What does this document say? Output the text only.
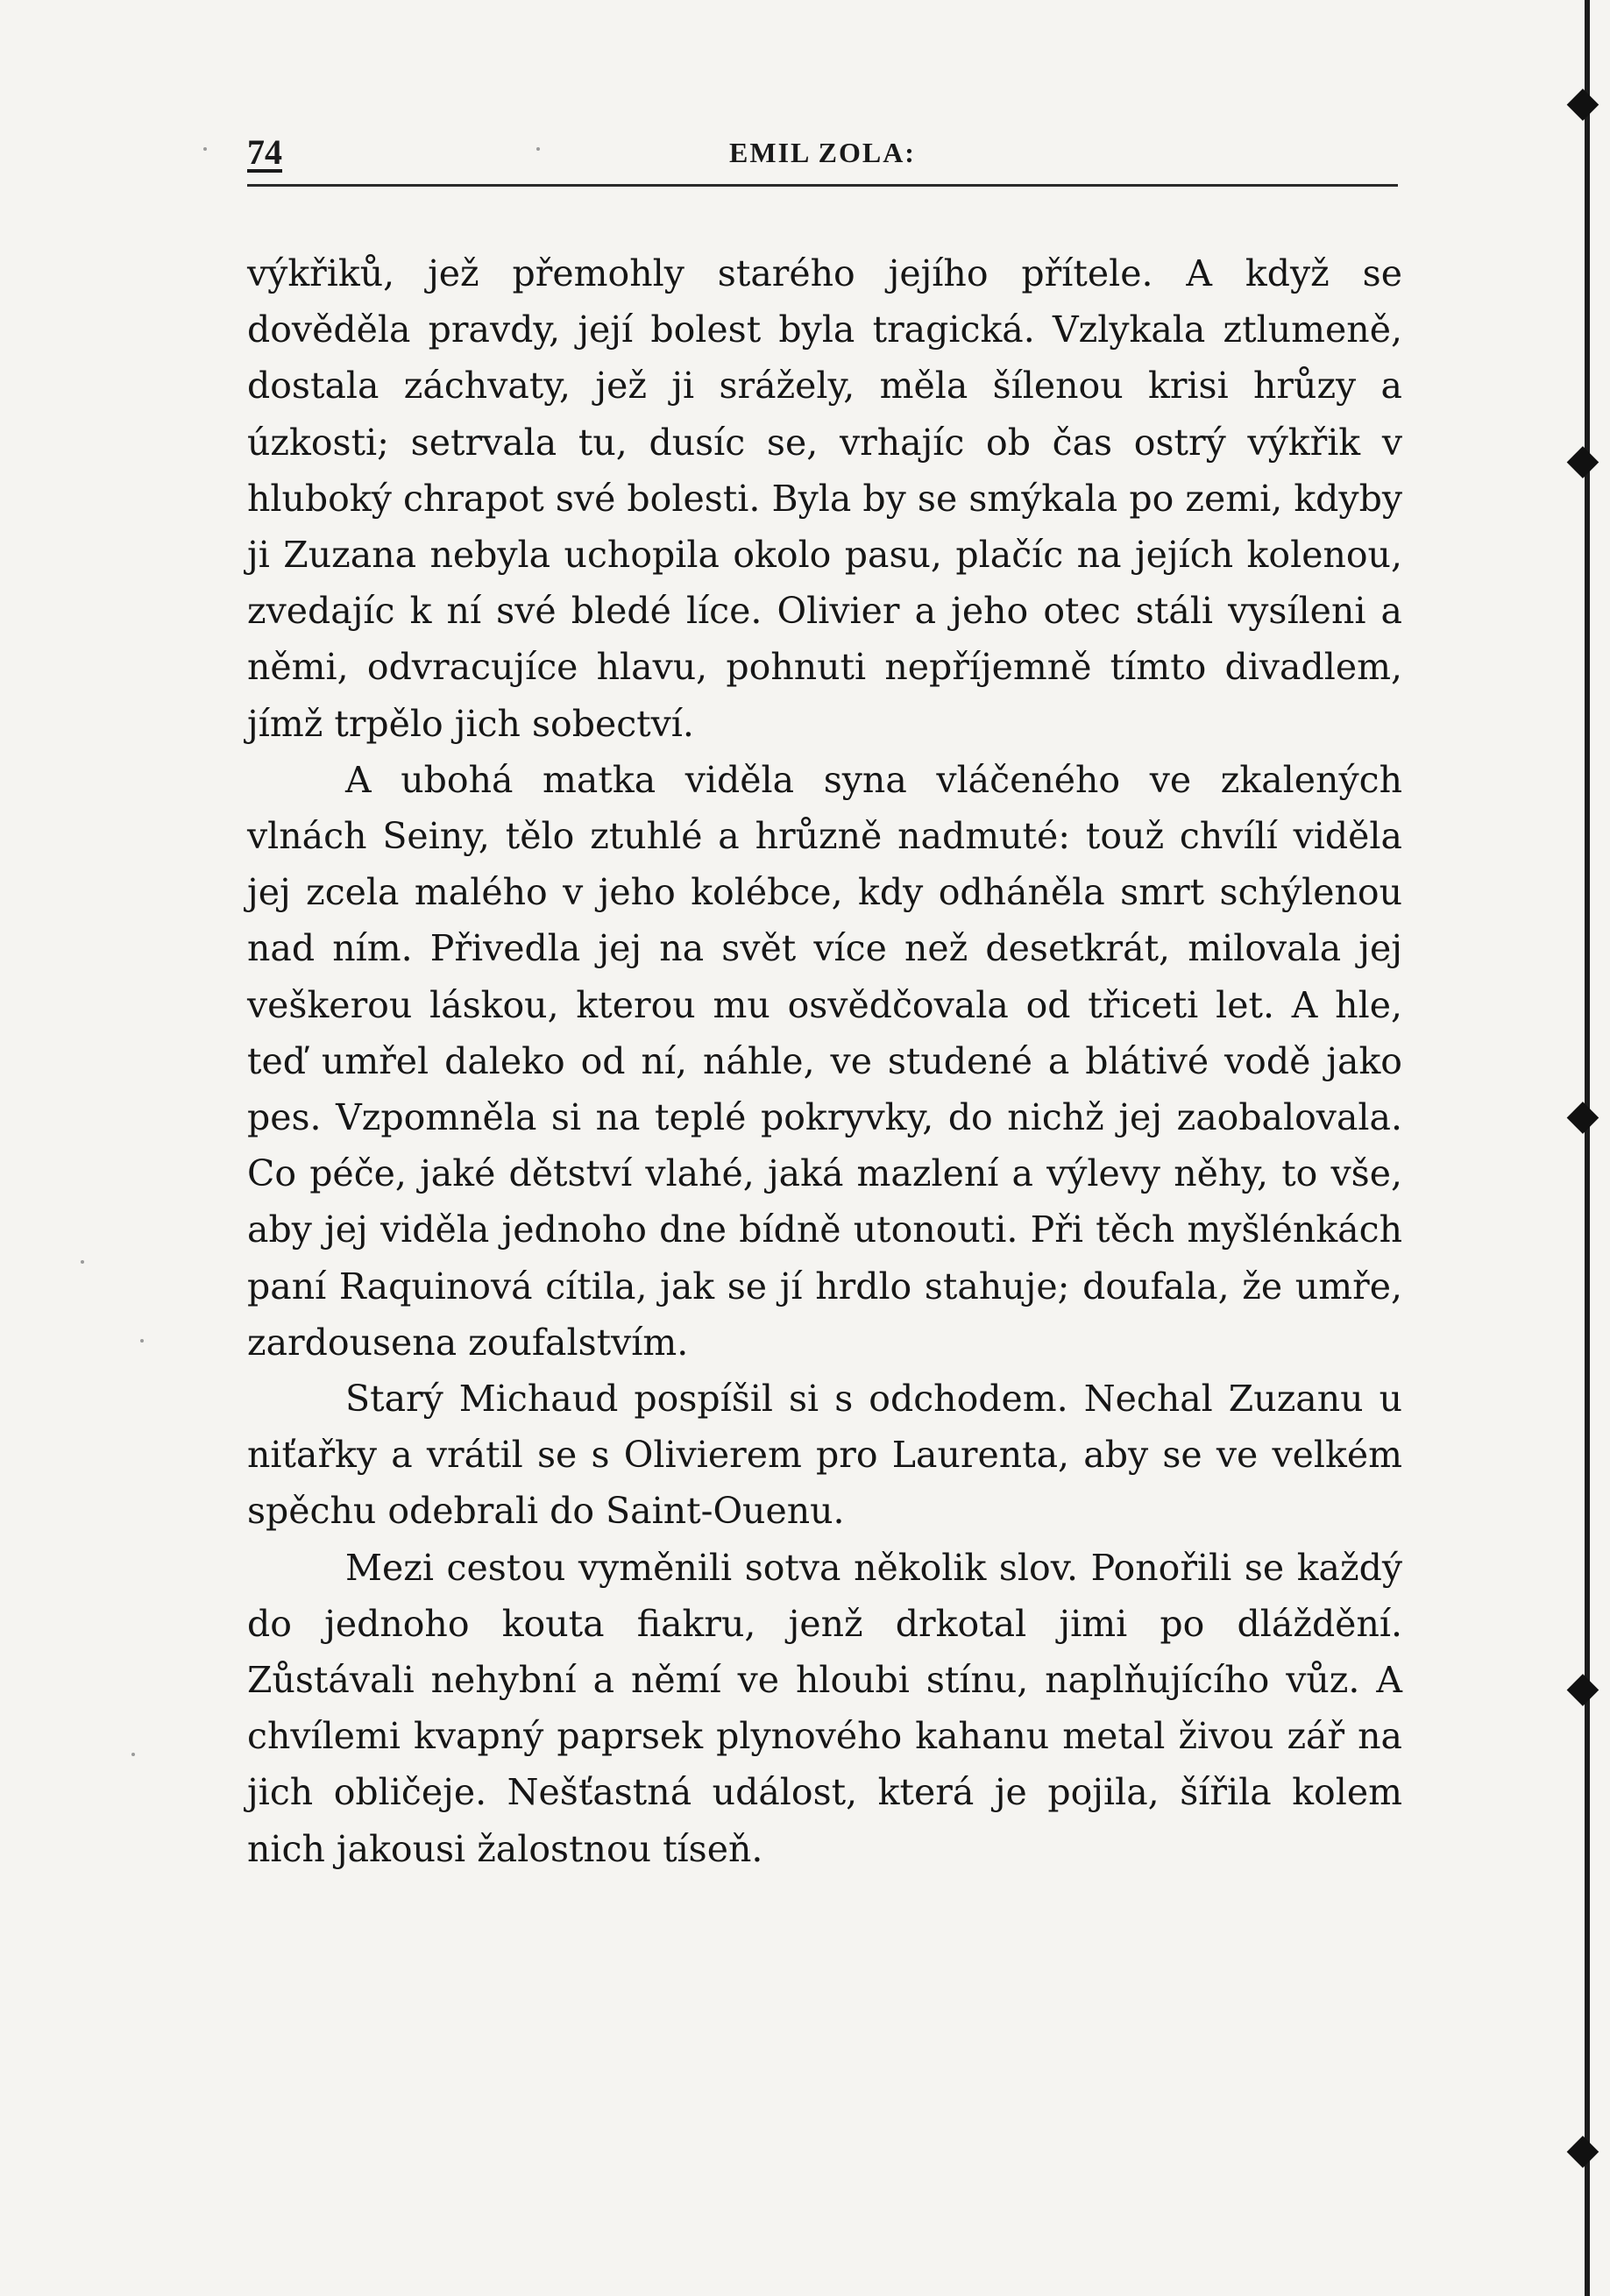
74	EMIL ZOLA:

výkřiků, jež přemohly starého jejího přítele. A když se dověděla pravdy, její bolest byla tragická. Vzlykala ztlumeně, dostala záchvaty, jež ji srážely, měla šílenou krisi hrůzy a úzkosti; setrvala tu, dusíc se, vrhajíc ob čas ostrý výkřik v hluboký chrapot své bolesti. Byla by se smýkala po zemi, kdyby ji Zuzana nebyla uchopila okolo pasu, plačíc na jejích kolenou, zvedajíc k ní své bledé líce. Olivier a jeho otec stáli vysíleni a němi, odvracujíce hlavu, pohnuti nepříjemně tímto divadlem, jímž trpělo jich sobectví.

A ubohá matka viděla syna vláčeného ve zkalených vlnách Seiny, tělo ztuhlé a hrůzně nadmuté: touž chvílí viděla jej zcela malého v jeho kolébce, kdy odháněla smrt schýlenou nad ním. Přivedla jej na svět více než desetkrát, milovala jej veškerou láskou, kterou mu osvědčovala od třiceti let. A hle, teď umřel daleko od ní, náhle, ve studené a blátivé vodě jako pes. Vzpomněla si na teplé pokryvky, do nichž jej zaobalovala. Co péče, jaké dětství vlahé, jaká mazlení a výlevy něhy, to vše, aby jej viděla jednoho dne bídně utonouti. Při těch myšlénkách paní Raquinová cítila, jak se jí hrdlo stahuje; doufala, že umře, zardousena zoufalstvím.

Starý Michaud pospíšil si s odchodem. Nechal Zuzanu u niťařky a vrátil se s Olivierem pro Laurenta, aby se ve velkém spěchu odebrali do Saint-Ouenu.

Mezi cestou vyměnili sotva několik slov. Ponořili se každý do jednoho kouta fiakru, jenž drkotal jimi po dláždění. Zůstávali nehybní a němí ve hloubi stínu, naplňujícího vůz. A chvílemi kvapný paprsek plynového kahanu metal živou zář na jich obličeje. Nešťastná událost, která je pojila, šířila kolem nich jakousi žalostnou tíseň.

◆
◆
◆
◆
◆
